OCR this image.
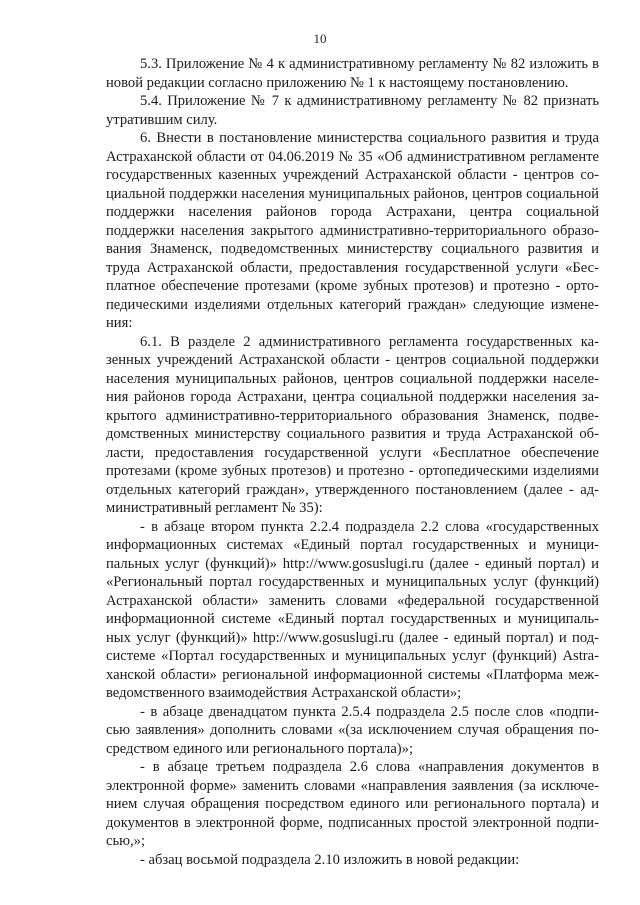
10

5.3. Приложение № 4 к административному регламенту № 82 изложить в новой редакции согласно приложению № 1 к настоящему постановлению.

5.4. Приложение № 7 к административному регламенту № 82 признать утратившим силу.

6. Внести в постановление министерства социального развития и труда Астраханской области от 04.06.2019 № 35 «Об административном регламенте государственных казенных учреждений Астраханской области - центров социальной поддержки населения муниципальных районов, центров социальной поддержки населения районов города Астрахани, центра социальной поддержки населения закрытого административно-территориального образования Знаменск, подведомственных министерству социального развития и труда Астраханской области, предоставления государственной услуги «Бесплатное обеспечение протезами (кроме зубных протезов) и протезно - ортопедическими изделиями отдельных категорий граждан» следующие изменения:

6.1. В разделе 2 административного регламента государственных казенных учреждений Астраханской области - центров социальной поддержки населения муниципальных районов, центров социальной поддержки населения районов города Астрахани, центра социальной поддержки населения закрытого административно-территориального образования Знаменск, подведомственных министерству социального развития и труда Астраханской области, предоставления государственной услуги «Бесплатное обеспечение протезами (кроме зубных протезов) и протезно - ортопедическими изделиями отдельных категорий граждан», утвержденного постановлением (далее - административный регламент № 35):

- в абзаце втором пункта 2.2.4 подраздела 2.2 слова «государственных информационных системах «Единый портал государственных и муниципальных услуг (функций)» http://www.gosuslugi.ru (далее - единый портал) и «Региональный портал государственных и муниципальных услуг (функций) Астраханской области» заменить словами «федеральной государственной информационной системе «Единый портал государственных и муниципальных услуг (функций)» http://www.gosuslugi.ru (далее - единый портал) и подсистеме «Портал государственных и муниципальных услуг (функций) Astraханской области» региональной информационной системы «Платформа межведомственного взаимодействия Астраханской области»;

- в абзаце двенадцатом пункта 2.5.4 подраздела 2.5 после слов «подписью заявления» дополнить словами «(за исключением случая обращения посредством единого или регионального портала)»;

- в абзаце третьем подраздела 2.6 слова «направления документов в электронной форме» заменить словами «направления заявления (за исключением случая обращения посредством единого или регионального портала) и документов в электронной форме, подписанных простой электронной подписью,»;

- абзац восьмой подраздела 2.10 изложить в новой редакции:
